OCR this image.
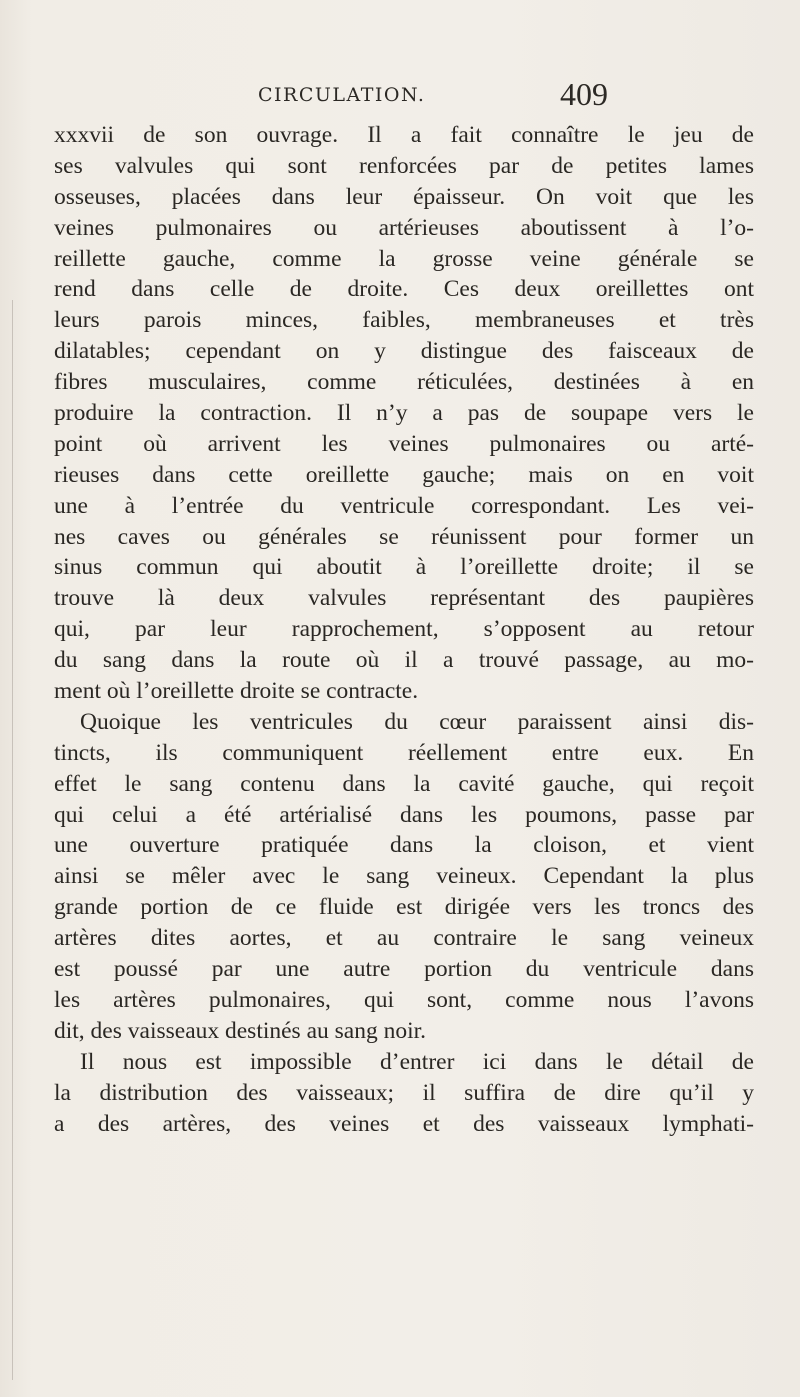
CIRCULATION.	409
xxxvii de son ouvrage. Il a fait connaître le jeu de
ses valvules qui sont renforcées par de petites lames
osseuses, placées dans leur épaisseur. On voit que les
veines pulmonaires ou artérieuses aboutissent à l’o-
reillette gauche, comme la grosse veine générale se
rend dans celle de droite. Ces deux oreillettes ont
leurs parois minces, faibles, membraneuses et très
dilatables; cependant on y distingue des faisceaux de
fibres musculaires, comme réticulées, destinées à en
produire la contraction. Il n’y a pas de soupape vers le
point où arrivent les veines pulmonaires ou arté-
rieuses dans cette oreillette gauche; mais on en voit
une à l’entrée du ventricule correspondant. Les vei-
nes caves ou générales se réunissent pour former un
sinus commun qui aboutit à l’oreillette droite; il se
trouve là deux valvules représentant des paupières
qui, par leur rapprochement, s’opposent au retour
du sang dans la route où il a trouvé passage, au mo-
ment où l’oreillette droite se contracte.
Quoique les ventricules du cœur paraissent ainsi dis-
tincts, ils communiquent réellement entre eux. En
effet le sang contenu dans la cavité gauche, qui reçoit
qui celui a été artérialisé dans les poumons, passe par
une ouverture pratiquée dans la cloison, et vient
ainsi se mêler avec le sang veineux. Cependant la plus
grande portion de ce fluide est dirigée vers les troncs des
artères dites aortes, et au contraire le sang veineux
est poussé par une autre portion du ventricule dans
les artères pulmonaires, qui sont, comme nous l’avons
dit, des vaisseaux destinés au sang noir.
Il nous est impossible d’entrer ici dans le détail de
la distribution des vaisseaux; il suffira de dire qu’il y
a des artères, des veines et des vaisseaux lymphati-
